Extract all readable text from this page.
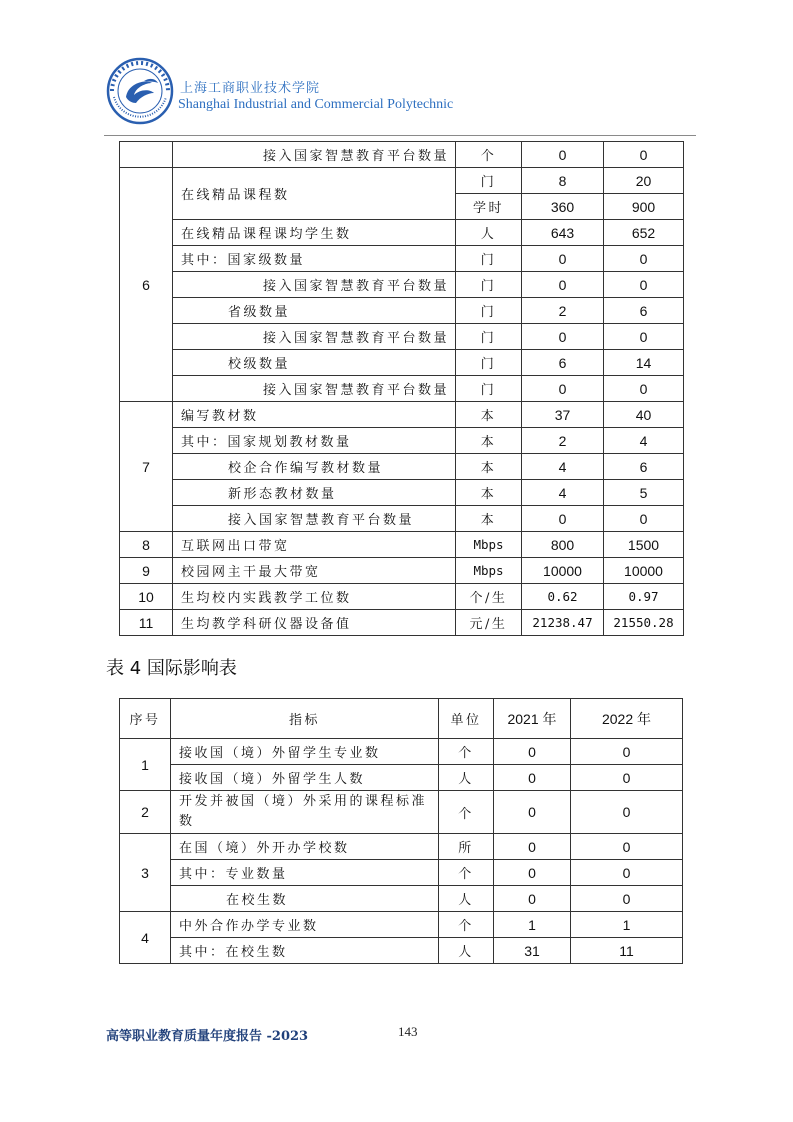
上海工商职业技术学院
Shanghai Industrial and Commercial Polytechnic
	接入国家智慧教育平台数量	个	0	0
6	在线精品课程数	门	8	20
		学时	360	900
	在线精品课程课均学生数	人	643	652
	其中：国家级数量	门	0	0
	接入国家智慧教育平台数量	门	0	0
	省级数量	门	2	6
	接入国家智慧教育平台数量	门	0	0
	校级数量	门	6	14
	接入国家智慧教育平台数量	门	0	0
7	编写教材数	本	37	40
	其中：国家规划教材数量	本	2	4
	校企合作编写教材数量	本	4	6
	新形态教材数量	本	4	5
	接入国家智慧教育平台数量	本	0	0
8	互联网出口带宽	Mbps	800	1500
9	校园网主干最大带宽	Mbps	10000	10000
10	生均校内实践教学工位数	个/生	0.62	0.97
11	生均教学科研仪器设备值	元/生	21238.47	21550.28
表 4 国际影响表
序号	指标	单位	2021 年	2022 年
1	接收国（境）外留学生专业数	个	0	0
	接收国（境）外留学生人数	人	0	0
2	开发并被国（境）外采用的课程标准数	个	0	0
3	在国（境）外开办学校数	所	0	0
	其中：专业数量	个	0	0
	在校生数	人	0	0
4	中外合作办学专业数	个	1	1
	其中：在校生数	人	31	11
高等职业教育质量年度报告 -2023	143
